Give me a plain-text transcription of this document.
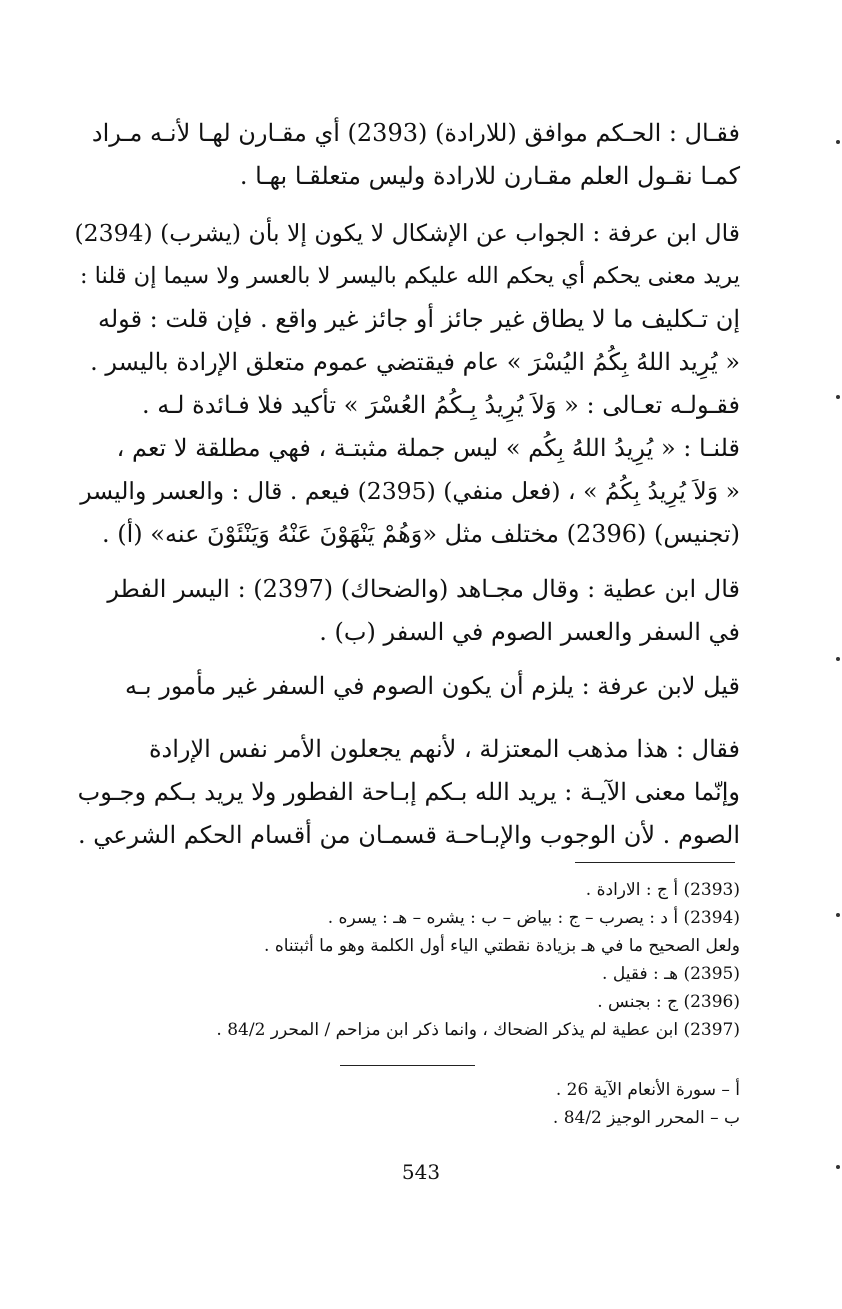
فقـال : الحـكم موافق (للارادة) (2393) أي مقـارن لهـا لأنـه مـراد
كمـا نقـول العلم مقـارن للارادة وليس متعلقـا بهـا .
قال ابن عرفة : الجواب عن الإشكال لا يكون إلا بأن (يشرب) (2394)
يريد معنى يحكم أي يحكم الله عليكم باليسر لا بالعسر ولا سيما إن قلنا :
إن تـكليف ما لا يطاق غير جائز أو جائز غير واقع . فإن قلت : قوله
« يُرِيد اللهُ بِكُمُ اليُسْرَ » عام فيقتضي عموم متعلق الإرادة باليسر .
فقـولـه تعـالى : « وَلاَ يُرِيدُ بِـكُمُ العُسْرَ » تأكيد فلا فـائدة لـه .
قلنـا : « يُرِيدُ اللهُ بِكُم » ليس جملة مثبتـة ، فهي مطلقة لا تعم ،
« وَلاَ يُرِيدُ بِكُمُ » ، (فعل منفي) (2395) فيعم . قال : والعسر واليسر
(تجنيس) (2396) مختلف مثل «وَهُمْ يَنْهَوْنَ عَنْهُ وَيَنْئَوْنَ عنه» (أ) .
قال ابن عطية : وقال مجـاهد (والضحاك) (2397) : اليسر الفطر
في السفر والعسر الصوم في السفر (ب) .
قيل لابن عرفة : يلزم أن يكون الصوم في السفر غير مأمور بـه
فقال : هذا مذهب المعتزلة ، لأنهم يجعلون الأمر نفس الإرادة
وإنّما معنى الآيـة : يريد الله بـكم إبـاحة الفطور ولا يريد بـكم وجـوب
الصوم . لأن الوجوب والإبـاحـة قسمـان من أقسام الحكم الشرعي .
(2393) أ ج : الارادة .
(2394) أ د : يصرب – ج : بياض – ب : يشره – هـ : يسره .
ولعل الصحيح ما في هـ بزيادة نقطتي الياء أول الكلمة وهو ما أثبتناه .
(2395) هـ : فقيل .
(2396) ج : بجنس .
(2397) ابن عطية لم يذكر الضحاك ، وانما ذكر ابن مزاحم / المحرر 84/2 .
أ – سورة الأنعام الآية 26 .
ب – المحرر الوجيز 84/2 .
543
